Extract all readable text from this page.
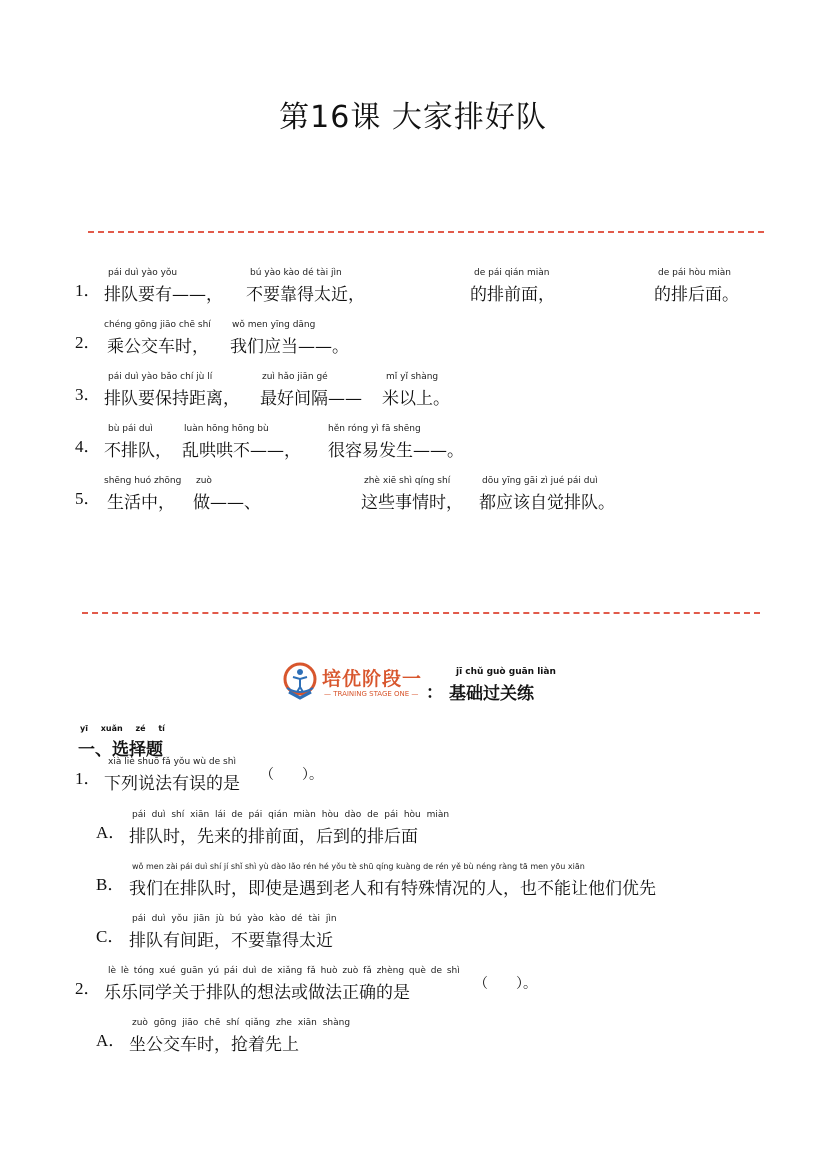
第16课 大家排好队
1．
pái duì yào yǒu
排队要有——，
bú yào kào dé tài jìn
不要靠得太近，
de pái qián miàn
的排前面，
de pái hòu miàn
的排后面。
2．
chéng gōng jiāo chē shí
乘公交车时，
wǒ men yīng dāng
我们应当——。
3．
pái duì yào bǎo chí jù lí
排队要保持距离，
zuì hǎo jiān gé
最好间隔——
mǐ yǐ shàng
米以上。
4．
bù pái duì
不排队，
luàn hōng hōng bù
乱哄哄不——，
hěn róng yì fā shēng
很容易发生——。
5．
shēng huó zhōng
生活中，
zuò
做——、
zhè xiē shì qíng shí
这些事情时，
dōu yīng gāi zì jué pái duì
都应该自觉排队。
培优阶段一
— TRAINING STAGE ONE — ：
jī chǔ guò guān liàn
基础过关练
yī xuǎn zé tí
一、选择题
1．
xià liè shuō fǎ yǒu wù de shì
下列说法有误的是 （　　）。
A．
pái duì shí xiān lái de pái qián miàn hòu dào de pái hòu miàn
排队时，先来的排前面，后到的排后面
B．
wǒ men zài pái duì shí jí shǐ shì yù dào lǎo rén hé yǒu tè shū qíng kuàng de rén yě bù néng ràng tā men yōu xiān
我们在排队时，即使是遇到老人和有特殊情况的人，也不能让他们优先
C．
pái duì yǒu jiān jù bú yào kào dé tài jìn
排队有间距，不要靠得太近
2．
lè lè tóng xué guān yú pái duì de xiǎng fǎ huò zuò fǎ zhèng què de shì
乐乐同学关于排队的想法或做法正确的是	（　　）。
A．
zuò gōng jiāo chē shí qiǎng zhe xiān shàng
坐公交车时，抢着先上
